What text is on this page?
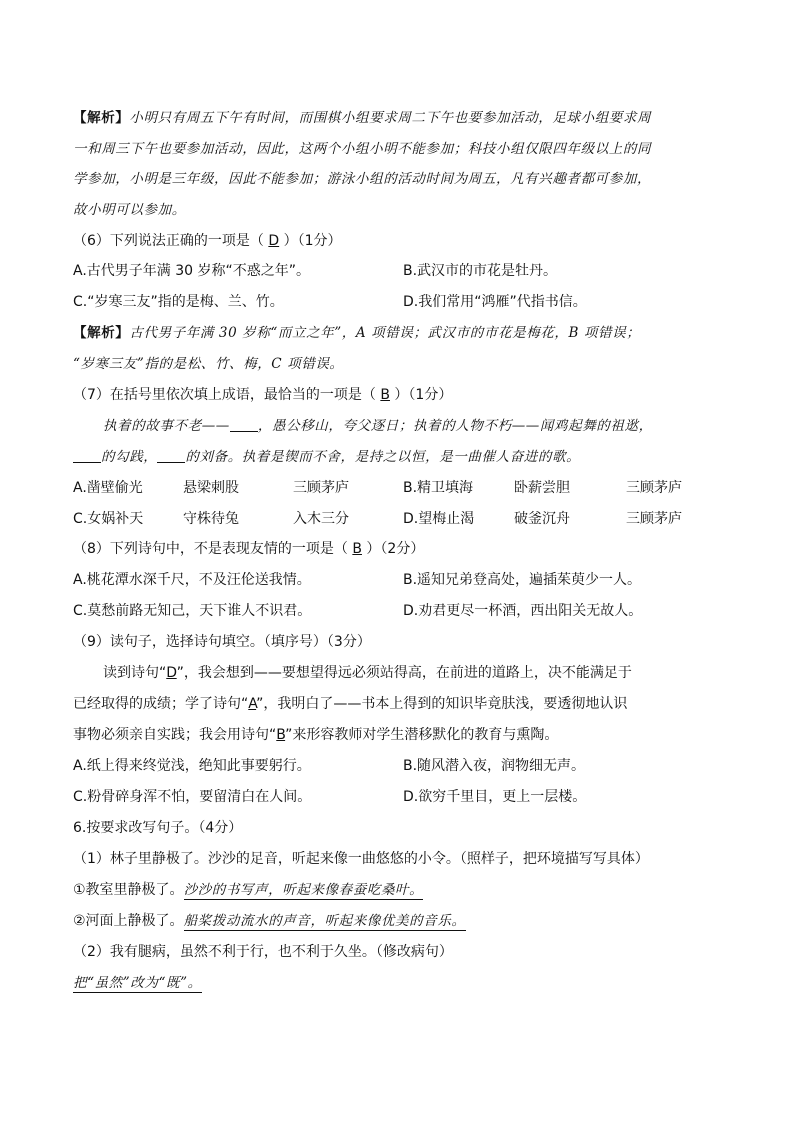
【解析】小明只有周五下午有时间，而围棋小组要求周二下午也要参加活动，足球小组要求周
一和周三下午也要参加活动，因此，这两个小组小明不能参加；科技小组仅限四年级以上的同
学参加，小明是三年级，因此不能参加；游泳小组的活动时间为周五，凡有兴趣者都可参加，
故小明可以参加。
（6）下列说法正确的一项是（ D ）（1分）
A.古代男子年满 30 岁称“不惑之年”。	B.武汉市的市花是牡丹。
C.“岁寒三友”指的是梅、兰、竹。	D.我们常用“鸿雁”代指书信。
【解析】古代男子年满 30 岁称“而立之年”，A 项错误；武汉市的市花是梅花，B 项错误；
“岁寒三友”指的是松、竹、梅，C 项错误。
（7）在括号里依次填上成语，最恰当的一项是（ B ）（1分）
执着的故事不老—— ，愚公移山，夸父逐日；执着的人物不朽——闻鸡起舞的祖逖，
的勾践， 的刘备。执着是锲而不舍，是持之以恒，是一曲催人奋进的歌。
A.凿壁偷光	悬梁刺股	三顾茅庐	B.精卫填海	卧薪尝胆	三顾茅庐
C.女娲补天	守株待兔	入木三分	D.望梅止渴	破釜沉舟	三顾茅庐
（8）下列诗句中，不是表现友情的一项是（ B ）（2分）
A.桃花潭水深千尺，不及汪伦送我情。	B.遥知兄弟登高处，遍插茱萸少一人。
C.莫愁前路无知己，天下谁人不识君。	D.劝君更尽一杯酒，西出阳关无故人。
（9）读句子，选择诗句填空。（填序号）（3分）
读到诗句“D”，我会想到——要想望得远必须站得高，在前进的道路上，决不能满足于
已经取得的成绩；学了诗句“A”，我明白了——书本上得到的知识毕竟肤浅，要透彻地认识
事物必须亲自实践；我会用诗句“B”来形容教师对学生潜移默化的教育与熏陶。
A.纸上得来终觉浅，绝知此事要躬行。	B.随风潜入夜，润物细无声。
C.粉骨碎身浑不怕，要留清白在人间。	D.欲穷千里目，更上一层楼。
6.按要求改写句子。（4分）
（1）林子里静极了。沙沙的足音，听起来像一曲悠悠的小令。（照样子，把环境描写写具体）
①教室里静极了。沙沙的书写声，听起来像春蚕吃桑叶。
②河面上静极了。船桨拨动流水的声音，听起来像优美的音乐。
（2）我有腿病，虽然不利于行，也不利于久坐。（修改病句）
把“虽然”改为“既”。
